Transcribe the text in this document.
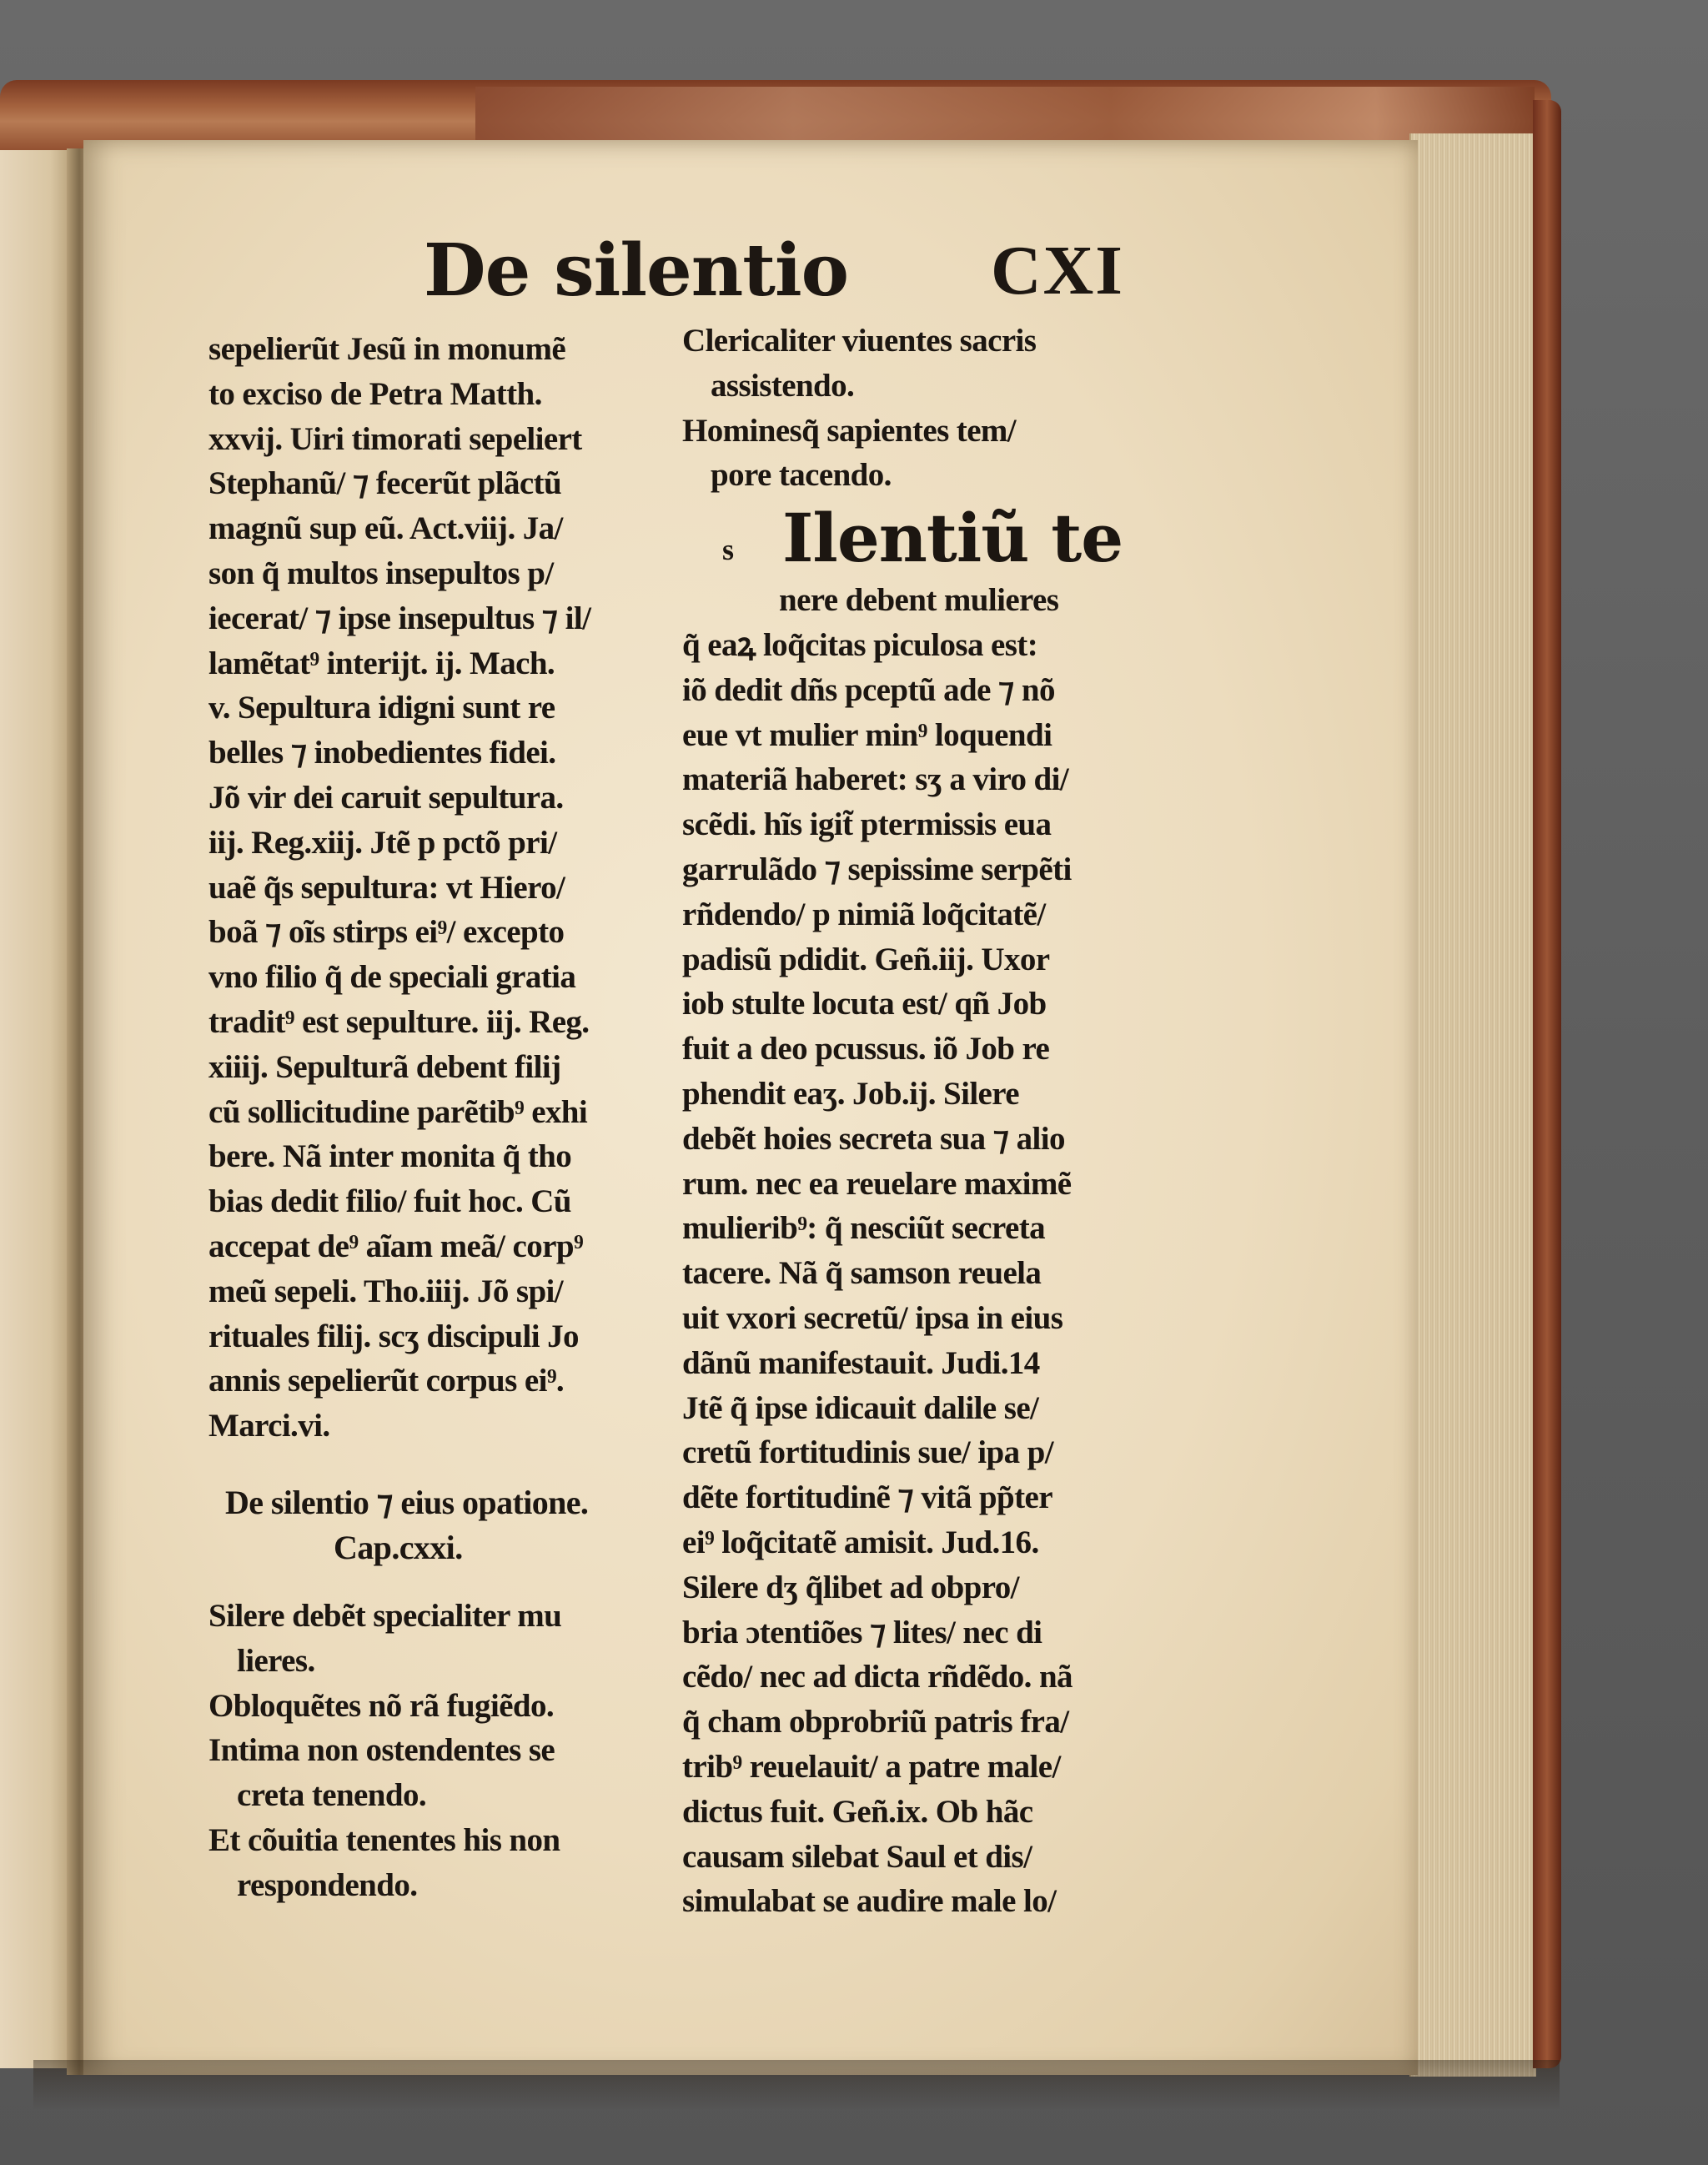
De silentio CXI
sepelierũt Jesũ in monumẽ
to exciso de Petra Matth.
xxvij. Uiri timorati sepeliert
Stephanũ/ ⁊ fecerũt plãctũ
magnũ sup eũ. Act.viij. Ja/
son q̃ multos insepultos p/
iecerat/ ⁊ ipse insepultus ⁊ il/
lamẽtat⁹ interijt. ij. Mach.
v. Sepultura idigni sunt re
belles ⁊ inobedientes fidei.
Jõ vir dei caruit sepultura.
iij. Reg.xiij. Jtẽ p pctõ pri/
uaẽ q̃s sepultura: vt Hiero/
boã ⁊ oĩs stirps ei⁹/ excepto
vno filio q̃ de speciali gratia
tradit⁹ est sepulture. iij. Reg.
xiiij. Sepulturã debent filij
cũ sollicitudine parẽtib⁹ exhi
bere. Nã inter monita q̃ tho
bias dedit filio/ fuit hoc. Cũ
accepat de⁹ aĩam meã/ corp⁹
meũ sepeli. Tho.iiij. Jõ spi/
rituales filij. scʒ discipuli Jo
annis sepelierũt corpus ei⁹.
Marci.vi.
De silentio ⁊ eius opatione.
Cap.cxxi.
Silere debẽt specialiter mu
lieres.
Obloquẽtes nõ rã fugiẽdo.
Intima non ostendentes se
creta tenendo.
Et cõuitia tenentes his non
respondendo.
Clericaliter viuentes sacris
assistendo.
Hominesq̃ sapientes tem/
pore tacendo.
s Ilentiũ te
nere debent mulieres
q̃ eaꝝ loq̃citas piculosa est:
iõ dedit dñs pceptũ ade ⁊ nõ
eue vt mulier min⁹ loquendi
materiã haberet: sʒ a viro di/
scẽdi. hĩs igit̃ ptermissis eua
garrulãdo ⁊ sepissime serpẽti
rñdendo/ p nimiã loq̃citatẽ/
padisũ pdidit. Geñ.iij. Uxor
iob stulte locuta est/ qñ Job
fuit a deo pcussus. iõ Job re
phendit eaʒ. Job.ij. Silere
debẽt hoies secreta sua ⁊ alio
rum. nec ea reuelare maximẽ
mulierib⁹: q̃ nesciũt secreta
tacere. Nã q̃ samson reuela
uit vxori secretũ/ ipsa in eius
dãnũ manifestauit. Judi.14
Jtẽ q̃ ipse idicauit dalile se/
cretũ fortitudinis sue/ ipa p/
dẽte fortitudinẽ ⁊ vitã pp̃ter
ei⁹ loq̃citatẽ amisit. Jud.16.
Silere dʒ q̃libet ad obpro/
bria ɔtentiões ⁊ lites/ nec di
cẽdo/ nec ad dicta rñdẽdo. nã
q̃ cham obprobriũ patris fra/
trib⁹ reuelauit/ a patre male/
dictus fuit. Geñ.ix. Ob hãc
causam silebat Saul et dis/
simulabat se audire male lo/
